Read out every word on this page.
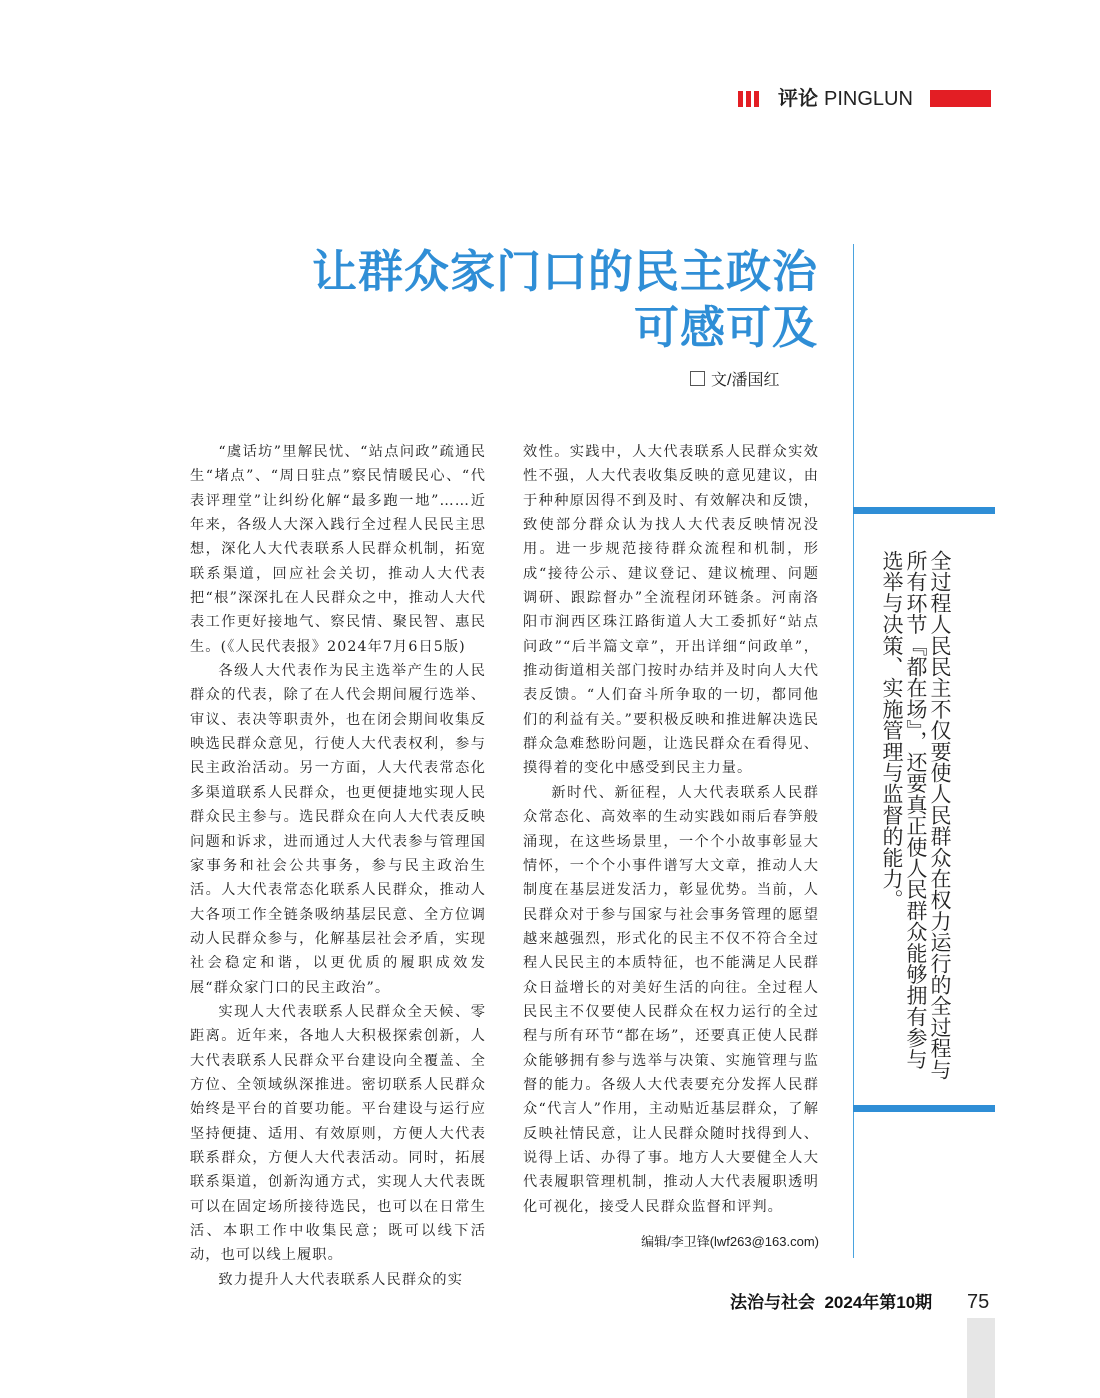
评论 PINGLUN
让群众家门口的民主政治
可感可及
文/潘国红

“虞话坊”里解民忧、“站点问政”疏通民生“堵点”、“周日驻点”察民情暖民心、“代表评理堂”让纠纷化解“最多跑一地”……近年来，各级人大深入践行全过程人民民主思想，深化人大代表联系人民群众机制，拓宽联系渠道，回应社会关切，推动人大代表把“根”深深扎在人民群众之中，推动人大代表工作更好接地气、察民情、聚民智、惠民生。(《人民代表报》2024年7月6日5版)

各级人大代表作为民主选举产生的人民群众的代表，除了在人代会期间履行选举、审议、表决等职责外，也在闭会期间收集反映选民群众意见，行使人大代表权利，参与民主政治活动。另一方面，人大代表常态化多渠道联系人民群众，也更便捷地实现人民群众民主参与。选民群众在向人大代表反映问题和诉求，进而通过人大代表参与管理国家事务和社会公共事务，参与民主政治生活。人大代表常态化联系人民群众，推动人大各项工作全链条吸纳基层民意、全方位调动人民群众参与，化解基层社会矛盾，实现社会稳定和谐，以更优质的履职成效发展“群众家门口的民主政治”。

实现人大代表联系人民群众全天候、零距离。近年来，各地人大积极探索创新，人大代表联系人民群众平台建设向全覆盖、全方位、全领域纵深推进。密切联系人民群众始终是平台的首要功能。平台建设与运行应坚持便捷、适用、有效原则，方便人大代表联系群众，方便人大代表活动。同时，拓展联系渠道，创新沟通方式，实现人大代表既可以在固定场所接待选民，也可以在日常生活、本职工作中收集民意；既可以线下活动，也可以线上履职。

致力提升人大代表联系人民群众的实

效性。实践中，人大代表联系人民群众实效性不强，人大代表收集反映的意见建议，由于种种原因得不到及时、有效解决和反馈，致使部分群众认为找人大代表反映情况没用。进一步规范接待群众流程和机制，形成“接待公示、建议登记、建议梳理、问题调研、跟踪督办”全流程闭环链条。河南洛阳市涧西区珠江路街道人大工委抓好“站点问政”“后半篇文章”，开出详细“问政单”，推动街道相关部门按时办结并及时向人大代表反馈。“人们奋斗所争取的一切，都同他们的利益有关。”要积极反映和推进解决选民群众急难愁盼问题，让选民群众在看得见、摸得着的变化中感受到民主力量。

新时代、新征程，人大代表联系人民群众常态化、高效率的生动实践如雨后春笋般涌现，在这些场景里，一个个小故事彰显大情怀，一个个小事件谱写大文章，推动人大制度在基层迸发活力，彰显优势。当前，人民群众对于参与国家与社会事务管理的愿望越来越强烈，形式化的民主不仅不符合全过程人民民主的本质特征，也不能满足人民群众日益增长的对美好生活的向往。全过程人民民主不仅要使人民群众在权力运行的全过程与所有环节“都在场”，还要真正使人民群众能够拥有参与选举与决策、实施管理与监督的能力。各级人大代表要充分发挥人民群众“代言人”作用，主动贴近基层群众，了解反映社情民意，让人民群众随时找得到人、说得上话、办得了事。地方人大要健全人大代表履职管理机制，推动人大代表履职透明化可视化，接受人民群众监督和评判。

编辑/李卫锋(lwf263@163.com)
全过程人民民主不仅要使人民群众在权力运行的全过程与所有环节『都在场』，还要真正使人民群众能够拥有参与选举与决策、实施管理与监督的能力。
法治与社会 2024年第10期 75
